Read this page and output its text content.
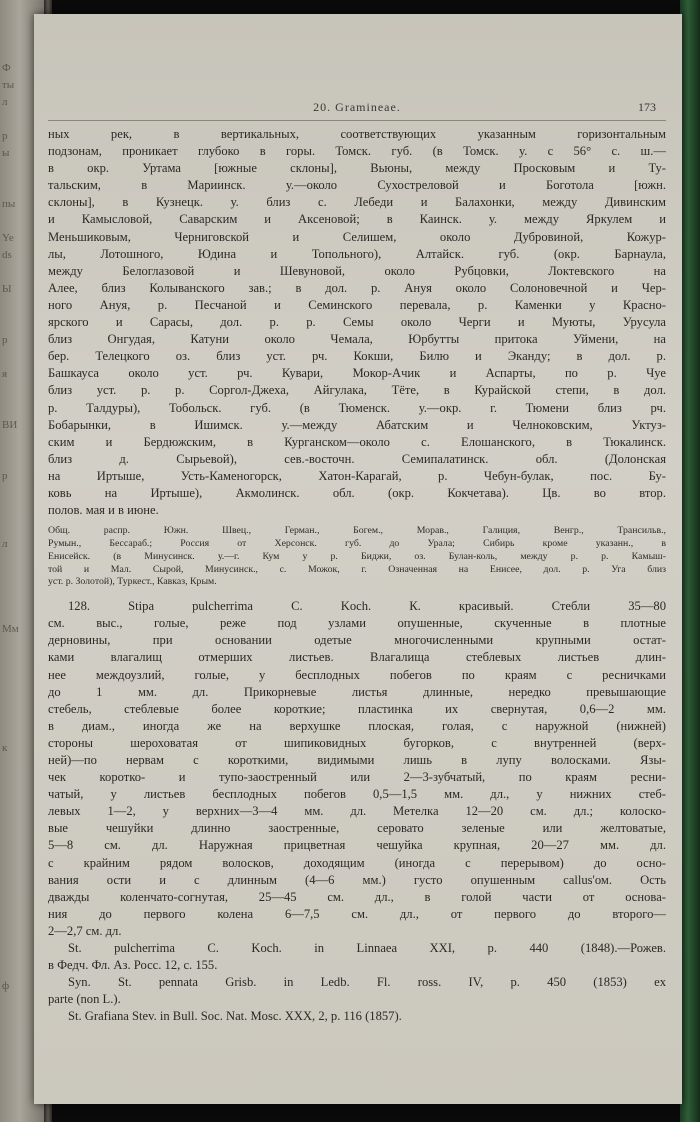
Ф
ты
л
р
ы
пы
Ye
ds
Ы
р
я
ВИ
р
л
Мм
к
ф
20. Gramineae.	173
ных рек, в вертикальных, соответствующих указанным горизонтальным
подзонам, проникает глубоко в горы. Томск. губ. (в Томск. у. с 56° с. ш.—
в окр. Уртама [южные склоны], Вьюны, между Просковым и Ту-
тальским, в Мариинск. у.—около Сухостреловой и Боготола [южн.
склоны], в Кузнецк. у. близ с. Лебеди и Балахонки, между Дивинским
и Камысловой, Саварским и Аксеновой; в Каинск. у. между Яркулем и
Меньшиковым, Черниговской и Селишем, около Дубровиной, Кожур-
лы, Лотошного, Юдина и Топольного), Алтайск. губ. (окр. Барнаула,
между Белоглазовой и Шевуновой, около Рубцовки, Локтевского на
Алее, близ Колыванского зав.; в дол. р. Ануя около Солоновечной и Чер-
ного Ануя, р. Песчаной и Семинского перевала, р. Каменки у Красно-
ярского и Сарасы, дол. р. р. Семы около Черги и Муюты, Урусула
близ Онгудая, Катуни около Чемала, Юрбутты притока Уймени, на
бер. Телецкого оз. близ уст. рч. Кокши, Билю и Эканду; в дол. р.
Башкауса около уст. рч. Кувари, Мокор-Ачик и Аспарты, по р. Чуе
близ уст. р. р. Соргол-Джеха, Айгулака, Тёте, в Курайской степи, в дол.
р. Талдуры), Тобольск. губ. (в Тюменск. у.—окр. г. Тюмени близ рч.
Бобарынки, в Ишимск. у.—между Абатским и Челноковским, Уктуз-
ским и Бердюжским, в Курганском—около с. Елошанского, в Тюкалинск.
близ д. Сырьевой), сев.-восточн. Семипалатинск. обл. (Долонская
на Иртыше, Усть-Каменогорск, Хатон-Карагай, р. Чебун-булак, пос. Бу-
ковь на Иртыше), Акмолинск. обл. (окр. Кокчетава). Цв. во втор.
полов. мая и в июне.
Общ. распр. Южн. Швец., Герман., Богем., Морав., Галиция, Венгр., Трансильв.,
Румын., Бессараб.; Россия от Херсонск. губ. до Урала; Сибирь кроме указанн., в
Енисейск. (в Минусинск. у.—г. Кум у р. Биджи, оз. Булан-коль, между р. р. Камыш-
той и Мал. Сырой, Минусинск., с. Можок, г. Означенная на Енисее, дол. р. Уга близ
уст. р. Золотой), Туркест., Кавказ, Крым.
128. Stipa pulcherrima C. Koch. К. красивый. Стебли 35—80
см. выс., голые, реже под узлами опушенные, скученные в плотные
дерновины, при основании одетые многочисленными крупными остат-
ками влагалищ отмерших листьев. Влагалища стеблевых листьев длин-
нее междоузлий, голые, у бесплодных побегов по краям с ресничками
до 1 мм. дл. Прикорневые листья длинные, нередко превышающие
стебель, стеблевые более короткие; пластинка их свернутая, 0,6—2 мм.
в диам., иногда же на верхушке плоская, голая, с наружной (нижней)
стороны шероховатая от шипиковидных бугорков, с внутренней (верх-
ней)—по нервам с короткими, видимыми лишь в лупу волосками. Язы-
чек коротко- и тупо-заостренный или 2—3-зубчатый, по краям ресни-
чатый, у листьев бесплодных побегов 0,5—1,5 мм. дл., у нижних стеб-
левых 1—2, у верхних—3—4 мм. дл. Метелка 12—20 см. дл.; колоско-
вые чешуйки длинно заостренные, серовато зеленые или желтоватые,
5—8 см. дл. Наружная прицветная чешуйка крупная, 20—27 мм. дл.
с крайним рядом волосков, доходящим (иногда с перерывом) до осно-
вания ости и с длинным (4—6 мм.) густо опушенным callus'ом. Ость
дважды коленчато-согнутая, 25—45 см. дл., в голой части от основа-
ния до первого колена 6—7,5 см. дл., от первого до второго—
2—2,7 см. дл.
St. pulcherrima C. Koch. in Linnaea XXI, p. 440 (1848).—Рожев.
в Федч. Фл. Аз. Росс. 12, с. 155.
Syn. St. pennata Grisb. in Ledb. Fl. ross. IV, p. 450 (1853) ex
parte (non L.).
St. Grafiana Stev. in Bull. Soc. Nat. Mosc. XXX, 2, p. 116 (1857).
